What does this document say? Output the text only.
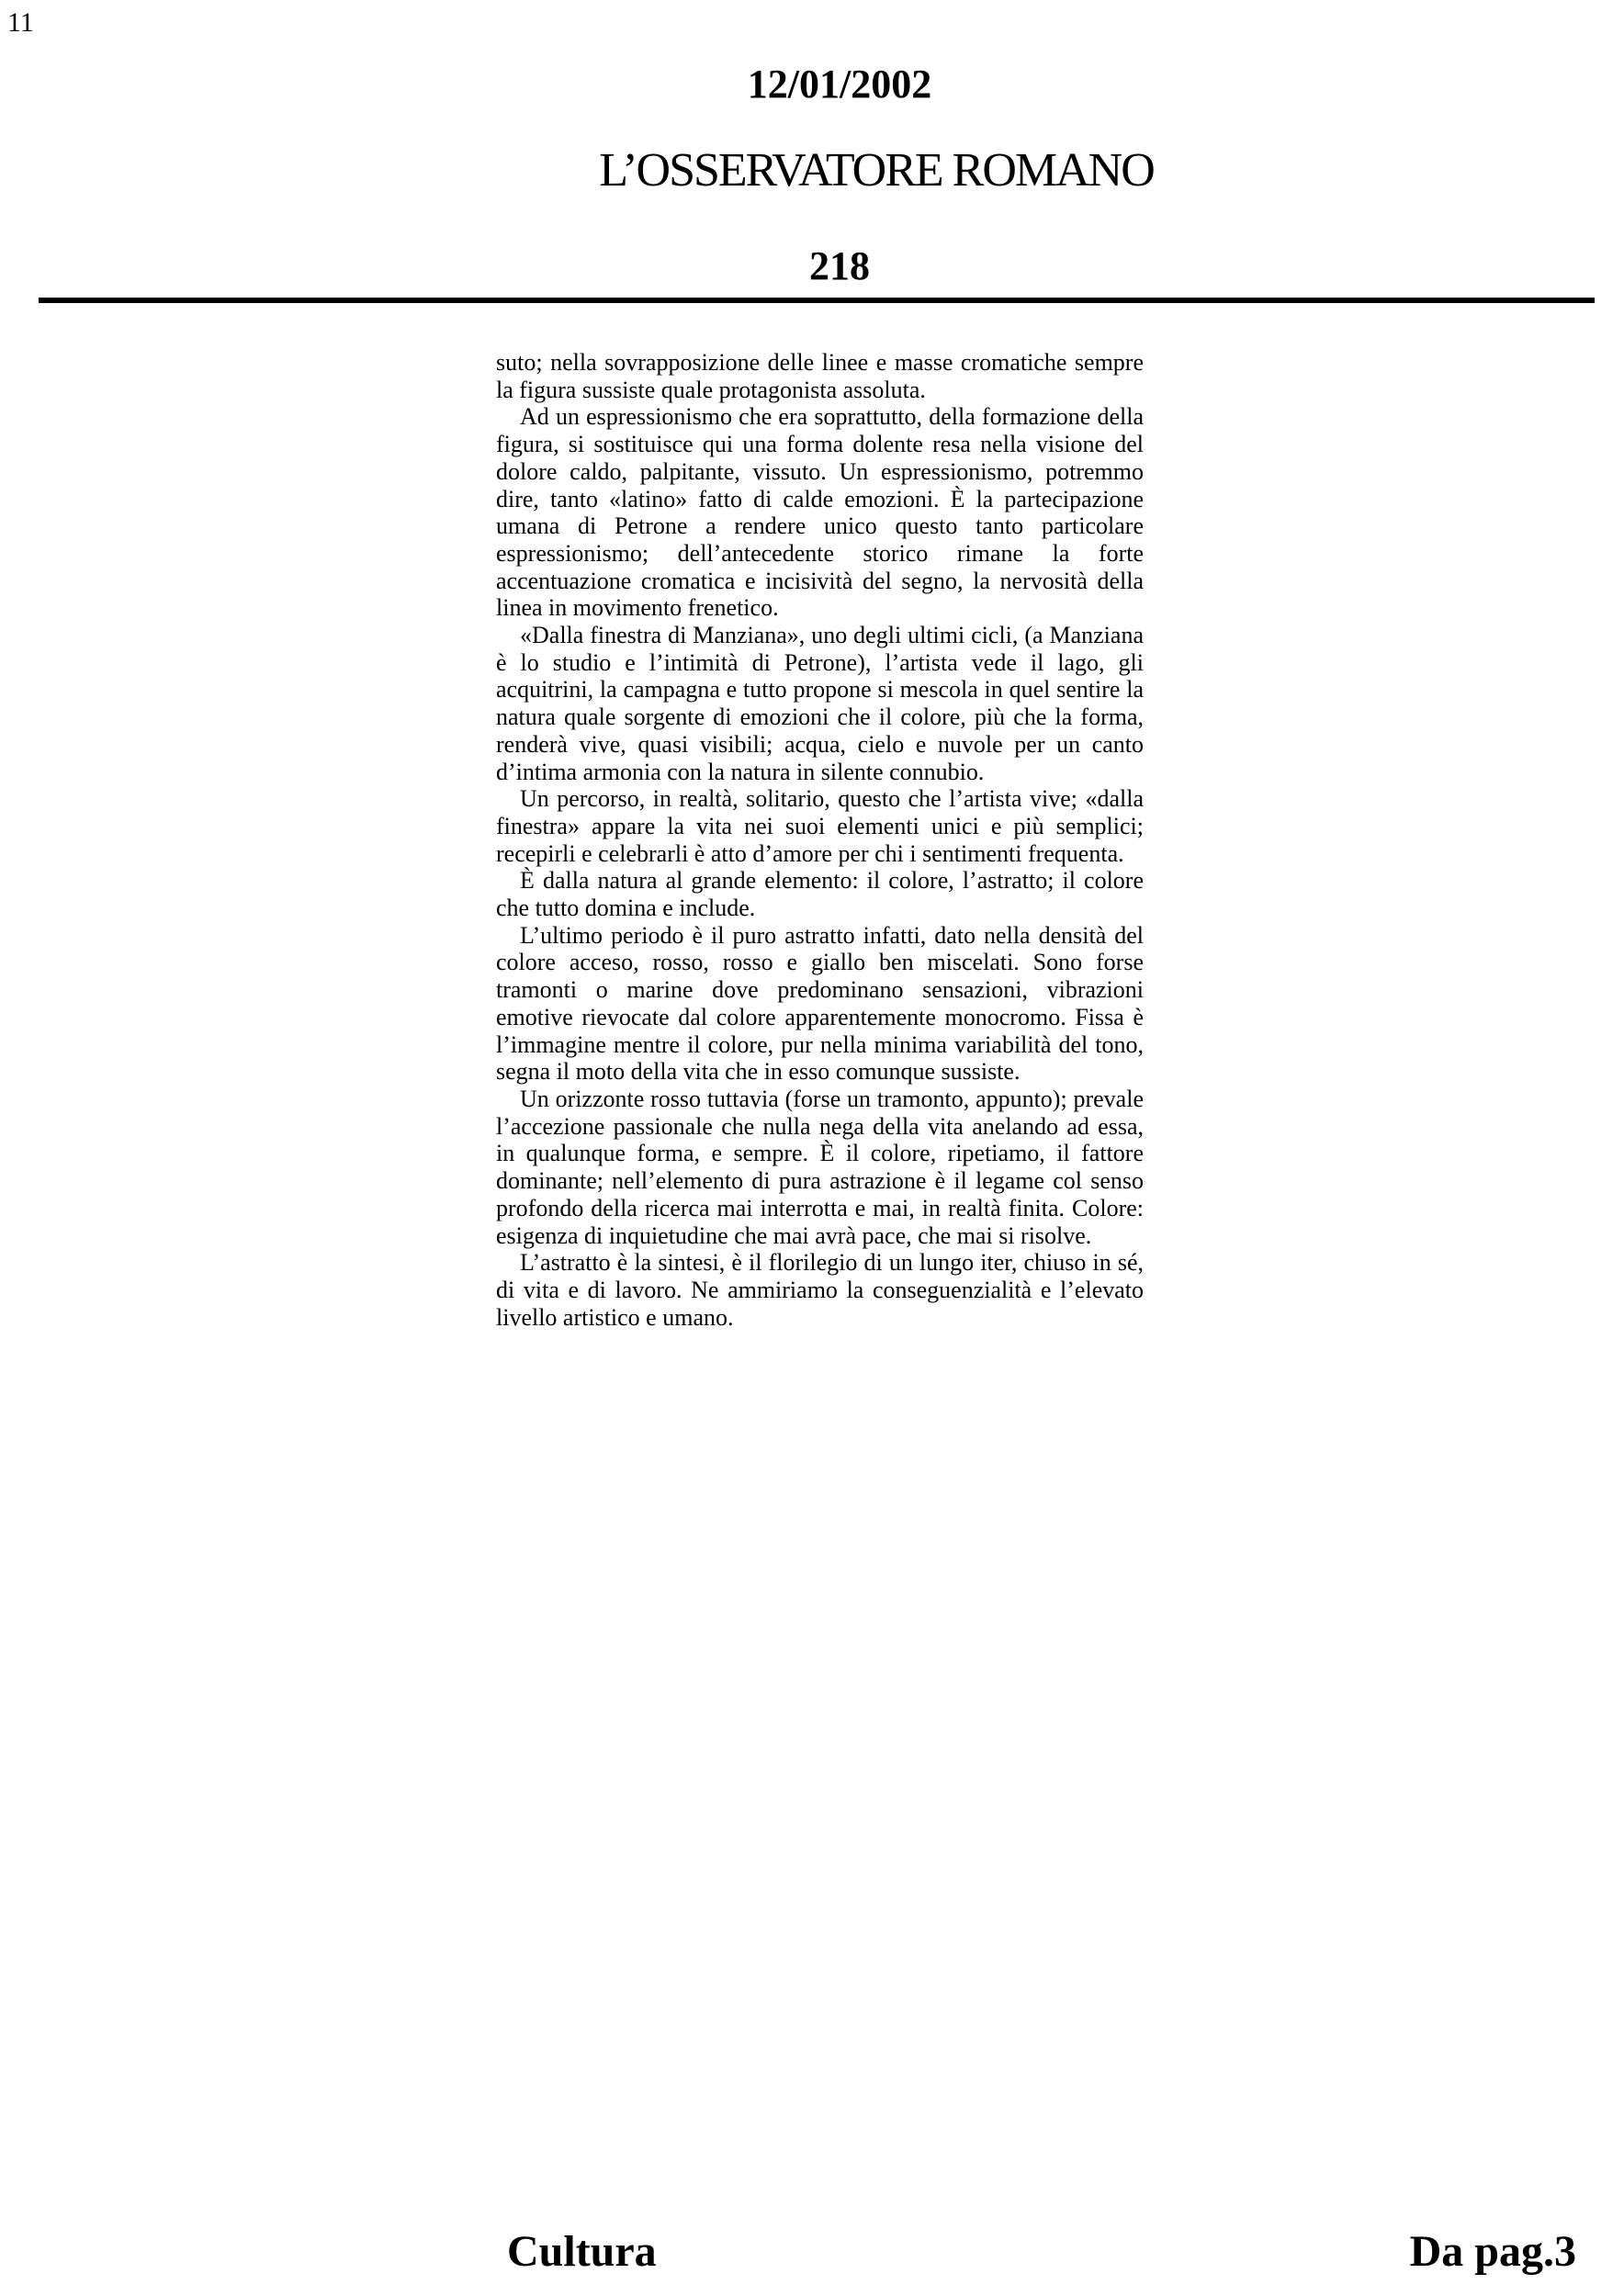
11
12/01/2002
L’OSSERVATORE ROMANO
218

suto; nella sovrapposizione delle linee e masse cromatiche sempre la figura sussiste quale protagonista assoluta.

Ad un espressionismo che era soprattutto, della formazione della figura, si sostituisce qui una forma dolente resa nella visione del dolore caldo, palpitante, vissuto. Un espressionismo, potremmo dire, tanto «latino» fatto di calde emozioni. È la partecipazione umana di Petrone a rendere unico questo tanto particolare espressionismo; dell’antecedente storico rimane la forte accentuazione cromatica e incisività del segno, la nervosità della linea in movimento frenetico.

«Dalla finestra di Manziana», uno degli ultimi cicli, (a Manziana è lo studio e l’intimità di Petrone), l’artista vede il lago, gli acquitrini, la campagna e tutto propone si mescola in quel sentire la natura quale sorgente di emozioni che il colore, più che la forma, renderà vive, quasi visibili; acqua, cielo e nuvole per un canto d’intima armonia con la natura in silente connubio.

Un percorso, in realtà, solitario, questo che l’artista vive; «dalla finestra» appare la vita nei suoi elementi unici e più semplici; recepirli e celebrarli è atto d’amore per chi i sentimenti frequenta.

È dalla natura al grande elemento: il colore, l’astratto; il colore che tutto domina e include.

L’ultimo periodo è il puro astratto infatti, dato nella densità del colore acceso, rosso, rosso e giallo ben miscelati. Sono forse tramonti o marine dove predominano sensazioni, vibrazioni emotive rievocate dal colore apparentemente monocromo. Fissa è l’immagine mentre il colore, pur nella minima variabilità del tono, segna il moto della vita che in esso comunque sussiste.

Un orizzonte rosso tuttavia (forse un tramonto, appunto); prevale l’accezione passionale che nulla nega della vita anelando ad essa, in qualunque forma, e sempre. È il colore, ripetiamo, il fattore dominante; nell’elemento di pura astrazione è il legame col senso profondo della ricerca mai interrotta e mai, in realtà finita. Colore: esigenza di inquietudine che mai avrà pace, che mai si risolve.

L’astratto è la sintesi, è il florilegio di un lungo iter, chiuso in sé, di vita e di lavoro. Ne ammiriamo la conseguenzialità e l’elevato livello artistico e umano.

Cultura	Da pag.3
